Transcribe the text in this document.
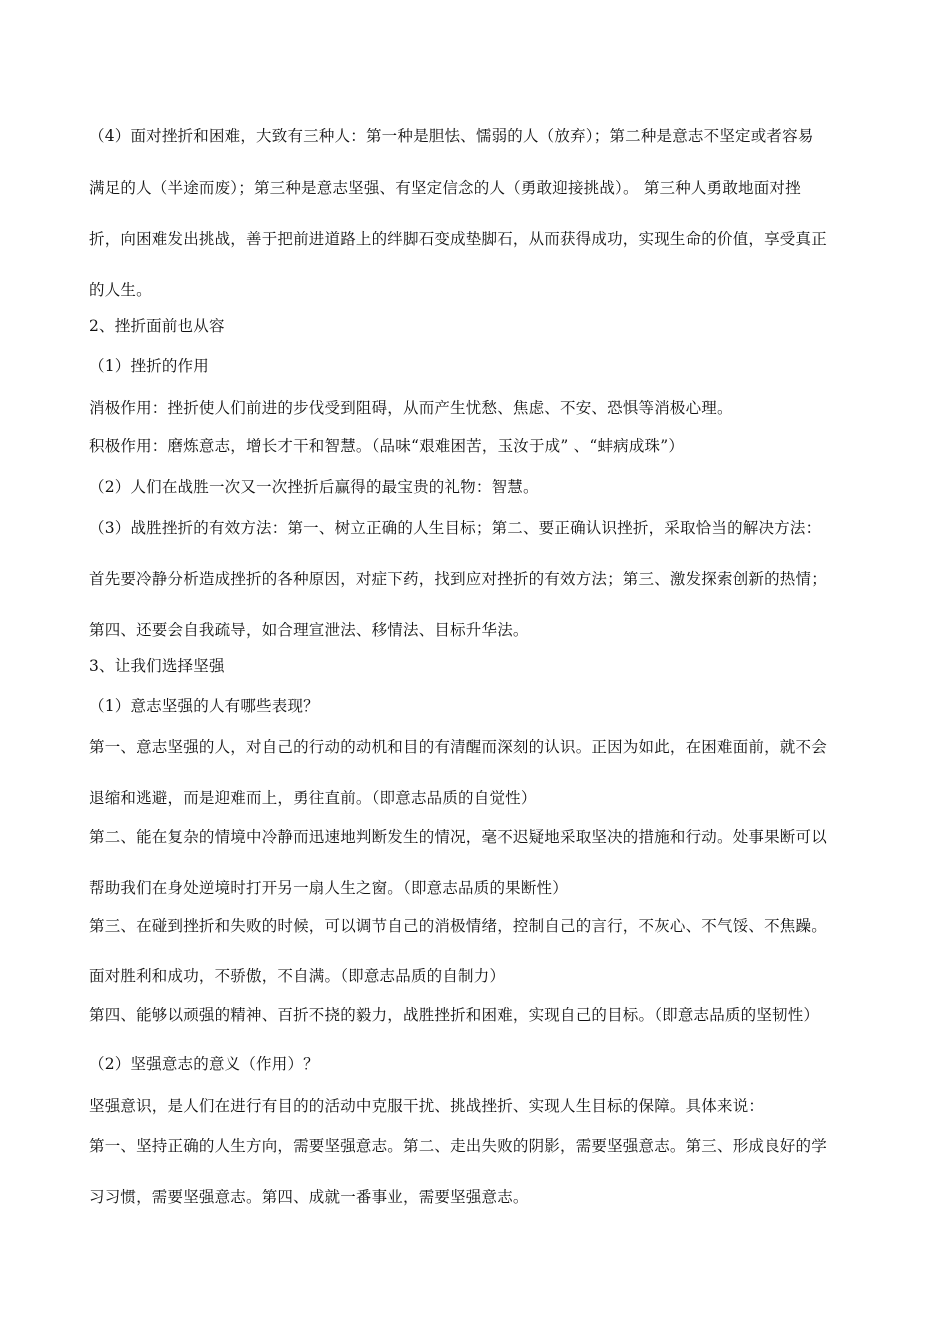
（4）面对挫折和困难，大致有三种人：第一种是胆怯、懦弱的人（放弃）；第二种是意志不坚定或者容易
满足的人（半途而废）；第三种是意志坚强、有坚定信念的人（勇敢迎接挑战）。 第三种人勇敢地面对挫
折，向困难发出挑战，善于把前进道路上的绊脚石变成垫脚石，从而获得成功，实现生命的价值，享受真正
的人生。
2、挫折面前也从容
（1）挫折的作用
消极作用：挫折使人们前进的步伐受到阻碍，从而产生忧愁、焦虑、不安、恐惧等消极心理。
积极作用：磨炼意志，增长才干和智慧。（品味“艰难困苦，玉汝于成” 、“蚌病成珠”）
（2）人们在战胜一次又一次挫折后赢得的最宝贵的礼物：智慧。
（3）战胜挫折的有效方法：第一、树立正确的人生目标；第二、要正确认识挫折，采取恰当的解决方法：
首先要冷静分析造成挫折的各种原因，对症下药，找到应对挫折的有效方法；第三、激发探索创新的热情；
第四、还要会自我疏导，如合理宣泄法、移情法、目标升华法。
3、让我们选择坚强
（1）意志坚强的人有哪些表现？
第一、意志坚强的人，对自己的行动的动机和目的有清醒而深刻的认识。正因为如此，在困难面前，就不会
退缩和逃避，而是迎难而上，勇往直前。（即意志品质的自觉性）
第二、能在复杂的情境中冷静而迅速地判断发生的情况，毫不迟疑地采取坚决的措施和行动。处事果断可以
帮助我们在身处逆境时打开另一扇人生之窗。（即意志品质的果断性）
第三、在碰到挫折和失败的时候，可以调节自己的消极情绪，控制自己的言行，不灰心、不气馁、不焦躁。
面对胜利和成功，不骄傲，不自满。（即意志品质的自制力）
第四、能够以顽强的精神、百折不挠的毅力，战胜挫折和困难，实现自己的目标。（即意志品质的坚韧性）
（2）坚强意志的意义（作用）？
坚强意识，是人们在进行有目的的活动中克服干扰、挑战挫折、实现人生目标的保障。具体来说：
第一、坚持正确的人生方向，需要坚强意志。第二、走出失败的阴影，需要坚强意志。第三、形成良好的学
习习惯，需要坚强意志。第四、成就一番事业，需要坚强意志。
